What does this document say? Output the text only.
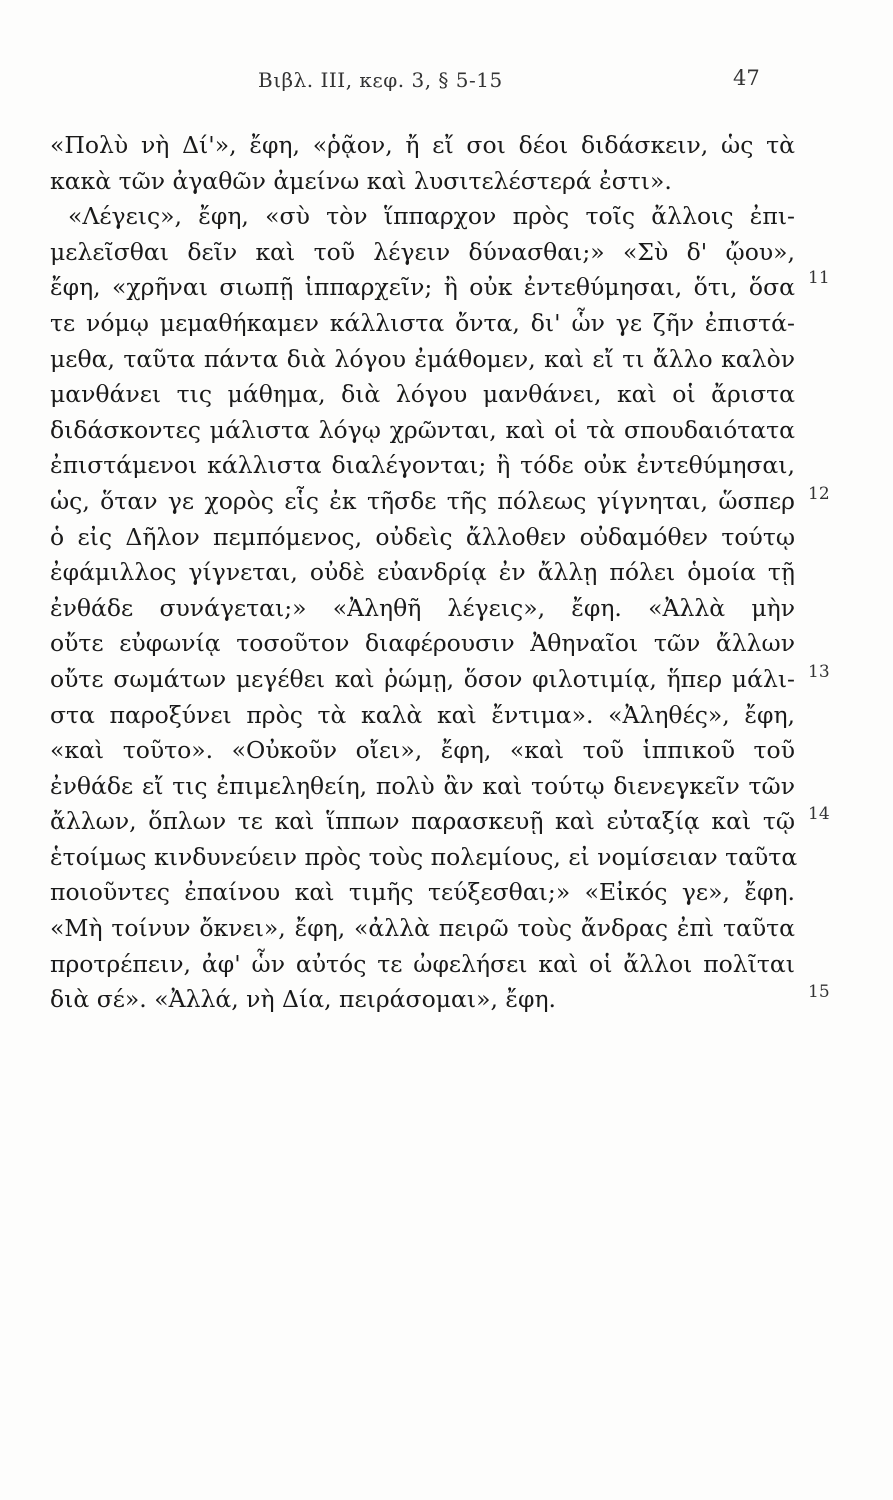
Βιβλ. ΙΙΙ, κεφ. 3, § 5-15	47
«Πολὺ νὴ Δί'», ἔφη, «ῥᾷον, ἤ εἴ σοι δέοι διδάσκειν, ὡς τὰ
κακὰ τῶν ἀγαθῶν ἀμείνω καὶ λυσιτελέστερά ἐστι».
«Λέγεις», ἔφη, «σὺ τὸν ἵππαρχον πρὸς τοῖς ἄλλοις ἐπι-
μελεῖσθαι δεῖν καὶ τοῦ λέγειν δύνασθαι;» «Σὺ δ' ᾤου»,
ἔφη, «χρῆναι σιωπῇ ἱππαρχεῖν; ἢ οὐκ ἐντεθύμησαι, ὅτι, ὅσα
τε νόμῳ μεμαθήκαμεν κάλλιστα ὄντα, δι' ὧν γε ζῆν ἐπιστά-
μεθα, ταῦτα πάντα διὰ λόγου ἐμάθομεν, καὶ εἴ τι ἄλλο καλὸν
μανθάνει τις μάθημα, διὰ λόγου μανθάνει, καὶ οἱ ἄριστα
διδάσκοντες μάλιστα λόγῳ χρῶνται, καὶ οἱ τὰ σπουδαιότατα
ἐπιστάμενοι κάλλιστα διαλέγονται; ἢ τόδε οὐκ ἐντεθύμησαι,
ὡς, ὅταν γε χορὸς εἷς ἐκ τῆσδε τῆς πόλεως γίγνηται, ὥσπερ
ὁ εἰς Δῆλον πεμπόμενος, οὐδεὶς ἄλλοθεν οὐδαμόθεν τούτῳ
ἐφάμιλλος γίγνεται, οὐδὲ εὐανδρίᾳ ἐν ἄλλῃ πόλει ὁμοία τῇ
ἐνθάδε συνάγεται;» «Ἀληθῆ λέγεις», ἔφη. «Ἀλλὰ μὴν
οὔτε εὐφωνίᾳ τοσοῦτον διαφέρουσιν Ἀθηναῖοι τῶν ἄλλων
οὔτε σωμάτων μεγέθει καὶ ῥώμῃ, ὅσον φιλοτιμίᾳ, ἥπερ μάλι-
στα παροξύνει πρὸς τὰ καλὰ καὶ ἔντιμα». «Ἀληθές», ἔφη,
«καὶ τοῦτο». «Οὐκοῦν οἴει», ἔφη, «καὶ τοῦ ἱππικοῦ τοῦ
ἐνθάδε εἴ τις ἐπιμεληθείη, πολὺ ἂν καὶ τούτῳ διενεγκεῖν τῶν
ἄλλων, ὅπλων τε καὶ ἵππων παρασκευῇ καὶ εὐταξίᾳ καὶ τῷ
ἑτοίμως κινδυνεύειν πρὸς τοὺς πολεμίους, εἰ νομίσειαν ταῦτα
ποιοῦντες ἐπαίνου καὶ τιμῆς τεύξεσθαι;» «Εἰκός γε», ἔφη.
«Μὴ τοίνυν ὄκνει», ἔφη, «ἀλλὰ πειρῶ τοὺς ἄνδρας ἐπὶ ταῦτα
προτρέπειν, ἀφ' ὧν αὐτός τε ὠφελήσει καὶ οἱ ἄλλοι πολῖται
διὰ σέ». «Ἀλλά, νὴ Δία, πειράσομαι», ἔφη.
11
12
13
14
15
